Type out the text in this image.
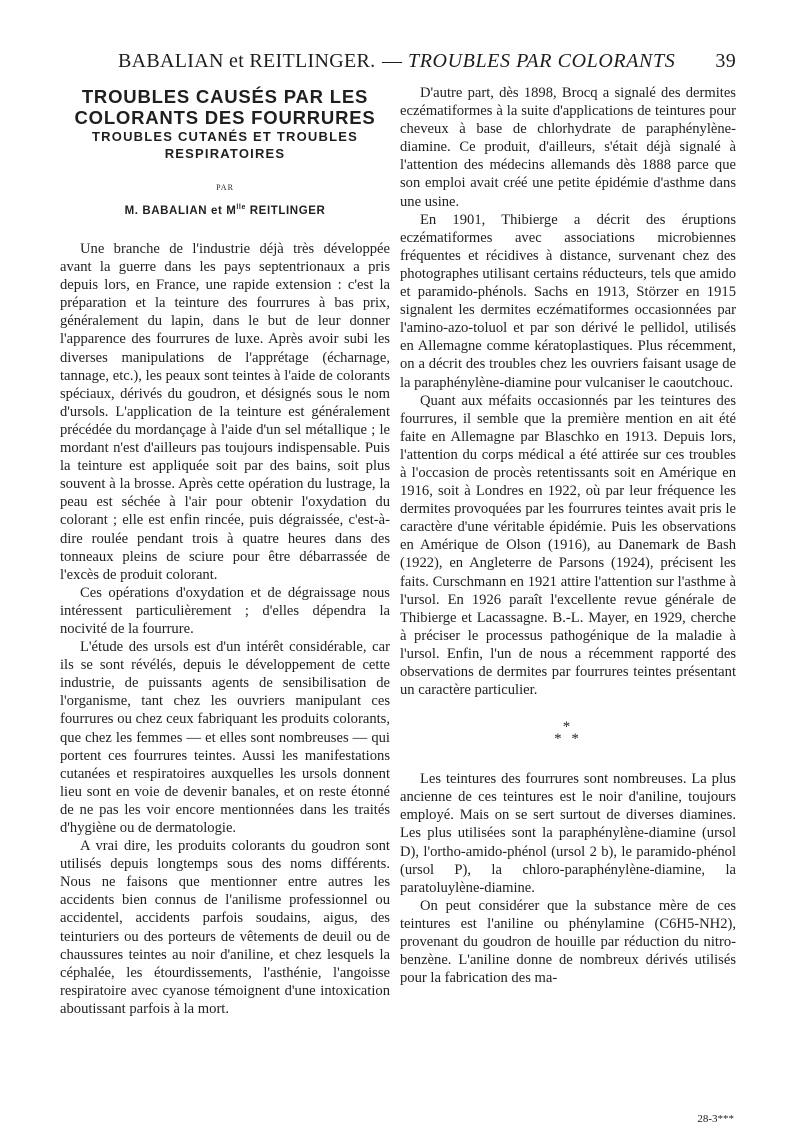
BABALIAN et REITLINGER. — TROUBLES PAR COLORANTS 39
TROUBLES CAUSÉS PAR LES
COLORANTS DES FOURRURES
TROUBLES CUTANÉS ET TROUBLES
RESPIRATOIRES
PAR
M. BABALIAN et $M^{lle}$ REITLINGER

Une branche de l'industrie déjà très développée avant la guerre dans les pays septentrionaux a pris depuis lors, en France, une rapide extension : c'est la préparation et la teinture des fourrures à bas prix, généralement du lapin, dans le but de leur donner l'apparence des fourrures de luxe. Après avoir subi les diverses manipulations de l'apprétage (écharnage, tannage, etc.), les peaux sont teintes à l'aide de colorants spéciaux, dérivés du goudron, et désignés sous le nom d'ursols. L'application de la teinture est généralement précédée du mordançage à l'aide d'un sel métallique ; le mordant n'est d'ailleurs pas toujours indispensable. Puis la teinture est appliquée soit par des bains, soit plus souvent à la brosse. Après cette opération du lustrage, la peau est séchée à l'air pour obtenir l'oxydation du colorant ; elle est enfin rincée, puis dégraissée, c'est-à-dire roulée pendant trois à quatre heures dans des tonneaux pleins de sciure pour être débarrassée de l'excès de produit colorant.

Ces opérations d'oxydation et de dégraissage nous intéressent particulièrement ; d'elles dépendra la nocivité de la fourrure.

L'étude des ursols est d'un intérêt considérable, car ils se sont révélés, depuis le développement de cette industrie, de puissants agents de sensibilisation de l'organisme, tant chez les ouvriers manipulant ces fourrures ou chez ceux fabriquant les produits colorants, que chez les femmes — et elles sont nombreuses — qui portent ces fourrures teintes. Aussi les manifestations cutanées et respiratoires auxquelles les ursols donnent lieu sont en voie de devenir banales, et on reste étonné de ne pas les voir encore mentionnées dans les traités d'hygiène ou de dermatologie.

A vrai dire, les produits colorants du goudron sont utilisés depuis longtemps sous des noms différents. Nous ne faisons que mentionner entre autres les accidents bien connus de l'anilisme professionnel ou accidentel, accidents parfois soudains, aigus, des teinturiers ou des porteurs de vêtements de deuil ou de chaussures teintes au noir d'aniline, et chez lesquels la céphalée, les étourdissements, l'asthénie, l'angoisse respiratoire avec cyanose témoignent d'une intoxication aboutissant parfois à la mort.

D'autre part, dès 1898, Brocq a signalé des dermites eczématiformes à la suite d'applications de teintures pour cheveux à base de chlorhydrate de paraphénylène-diamine. Ce produit, d'ailleurs, s'était déjà signalé à l'attention des médecins allemands dès 1888 parce que son emploi avait créé une petite épidémie d'asthme dans une usine.

En 1901, Thibierge a décrit des éruptions eczématiformes avec associations microbiennes fréquentes et récidives à distance, survenant chez des photographes utilisant certains réducteurs, tels que amido et paramido-phénols. Sachs en 1913, Störzer en 1915 signalent les dermites eczématiformes occasionnées par l'amino-azo-toluol et par son dérivé le pellidol, utilisés en Allemagne comme kératoplastiques. Plus récemment, on a décrit des troubles chez les ouvriers faisant usage de la paraphénylène-diamine pour vulcaniser le caoutchouc.

Quant aux méfaits occasionnés par les teintures des fourrures, il semble que la première mention en ait été faite en Allemagne par Blaschko en 1913. Depuis lors, l'attention du corps médical a été attirée sur ces troubles à l'occasion de procès retentissants soit en Amérique en 1916, soit à Londres en 1922, où par leur fréquence les dermites provoquées par les fourrures teintes avait pris le caractère d'une véritable épidémie. Puis les observations en Amérique de Olson (1916), au Danemark de Bash (1922), en Angleterre de Parsons (1924), précisent les faits. Curschmann en 1921 attire l'attention sur l'asthme à l'ursol. En 1926 paraît l'excellente revue générale de Thibierge et Lacassagne. B.-L. Mayer, en 1929, cherche à préciser le processus pathogénique de la maladie à l'ursol. Enfin, l'un de nous a récemment rapporté des observations de dermites par fourrures teintes présentant un caractère particulier.

*
* *

Les teintures des fourrures sont nombreuses. La plus ancienne de ces teintures est le noir d'aniline, toujours employé. Mais on se sert surtout de diverses diamines. Les plus utilisées sont la paraphénylène-diamine (ursol D), l'ortho-amido-phénol (ursol 2 b), le paramido-phénol (ursol P), la chloro-paraphénylène-diamine, la paratoluylène-diamine.

On peut considérer que la substance mère de ces teintures est l'aniline ou phénylamine (C6H5-NH2), provenant du goudron de houille par réduction du nitro-benzène. L'aniline donne de nombreux dérivés utilisés pour la fabrication des ma-

28-3***
